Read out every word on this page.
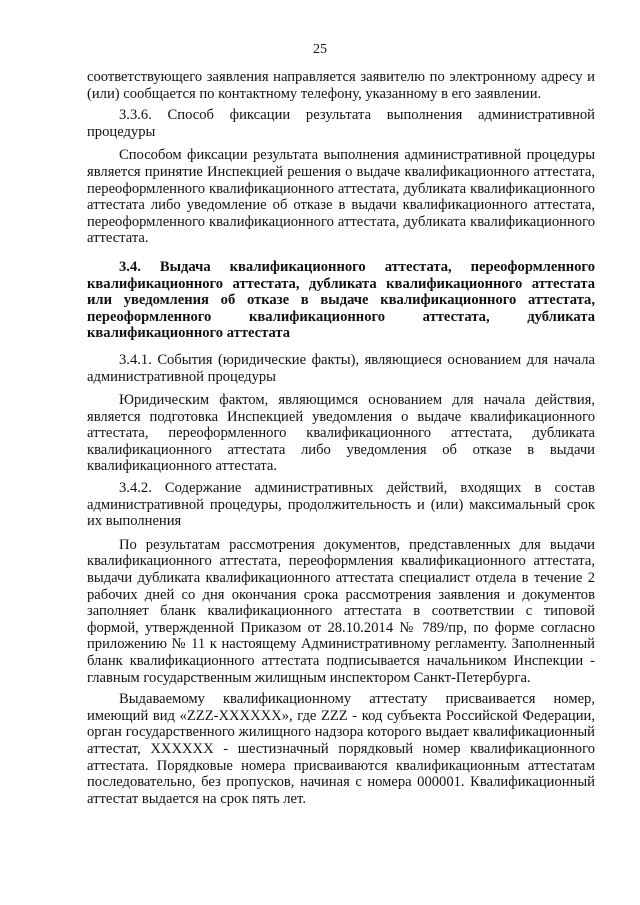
25

соответствующего заявления направляется заявителю по электронному адресу и (или) сообщается по контактному телефону, указанному в его заявлении.

3.3.6. Способ фиксации результата выполнения административной процедуры

Способом фиксации результата выполнения административной процедуры является принятие Инспекцией решения о выдаче квалификационного аттестата, переоформленного квалификационного аттестата, дубликата квалификационного аттестата либо уведомление об отказе в выдачи квалификационного аттестата, переоформленного квалификационного аттестата, дубликата квалификационного аттестата.

3.4. Выдача квалификационного аттестата, переоформленного квалификационного аттестата, дубликата квалификационного аттестата или уведомления об отказе в выдаче квалификационного аттестата, переоформленного квалификационного аттестата, дубликата квалификационного аттестата

3.4.1. События (юридические факты), являющиеся основанием для начала административной процедуры

Юридическим фактом, являющимся основанием для начала действия, является подготовка Инспекцией уведомления о выдаче квалификационного аттестата, переоформленного квалификационного аттестата, дубликата квалификационного аттестата либо уведомления об отказе в выдачи квалификационного аттестата.

3.4.2. Содержание административных действий, входящих в состав административной процедуры, продолжительность и (или) максимальный срок их выполнения

По результатам рассмотрения документов, представленных для выдачи квалификационного аттестата, переоформления квалификационного аттестата, выдачи дубликата квалификационного аттестата специалист отдела в течение 2 рабочих дней со дня окончания срока рассмотрения заявления и документов заполняет бланк квалификационного аттестата в соответствии с типовой формой, утвержденной Приказом от 28.10.2014 № 789/пр, по форме согласно приложению № 11 к настоящему Административному регламенту. Заполненный бланк квалификационного аттестата подписывается начальником Инспекции - главным государственным жилищным инспектором Санкт-Петербурга.

Выдаваемому квалификационному аттестату присваивается номер, имеющий вид «ZZZ-XXXXXX», где ZZZ - код субъекта Российской Федерации, орган государственного жилищного надзора которого выдает квалификационный аттестат, XXXXXX - шестизначный порядковый номер квалификационного аттестата. Порядковые номера присваиваются квалификационным аттестатам последовательно, без пропусков, начиная с номера 000001. Квалификационный аттестат выдается на срок пять лет.
